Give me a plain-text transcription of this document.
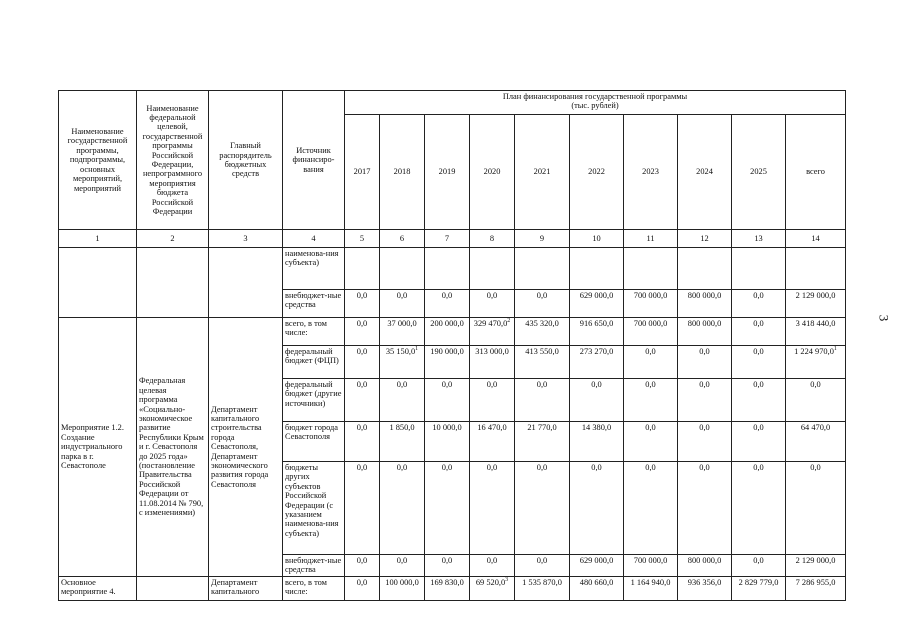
3
Наименование государственной программы, подпрограммы, основных мероприятий, мероприятий	Наименование федеральной целевой, государственной программы Российской Федерации, непрограммного мероприятия бюджета Российской Федерации	Главный распорядитель бюджетных средств	Источник финансиро-вания	План финансирования государственной программы
(тыс. рублей)									

				2017	2018	2019	2020	2021	2022	2023	2024	2025	всего
1	2	3	4	5	6	7	8	9	10	11	12	13	14
			наименова-ния субъекта)										
			внебюджет-ные средства	0,0	0,0	0,0	0,0	0,0	629 000,0	700 000,0	800 000,0	0,0	2 129 000,0
Мероприятие 1.2. Создание индустриального парка в г. Севастополе	Федеральная целевая программа «Социально-экономическое развитие Республики Крым и г. Севастополя до 2025 года» (постановление Правительства Российской Федерации от 11.08.2014 № 790, с изменениями)	Департамент капитального строительства города Севастополя, Департамент экономического развития города Севастополя	всего, в том числе:	0,0	37 000,0	200 000,0	329 470,0$^2$	435 320,0	916 650,0	700 000,0	800 000,0	0,0	3 418 440,0
			федеральный бюджет (ФЦП)	0,0	35 150,0$^1$	190 000,0	313 000,0	413 550,0	273 270,0	0,0	0,0	0,0	1 224 970,0$^1$
			федеральный бюджет (другие источники)	0,0	0,0	0,0	0,0	0,0	0,0	0,0	0,0	0,0	0,0
			бюджет города Севастополя	0,0	1 850,0	10 000,0	16 470,0	21 770,0	14 380,0	0,0	0,0	0,0	64 470,0
			бюджеты других субъектов Российской Федерации (с указанием наименова-ния субъекта)	0,0	0,0	0,0	0,0	0,0	0,0	0,0	0,0	0,0	0,0
			внебюджет-ные средства	0,0	0,0	0,0	0,0	0,0	629 000,0	700 000,0	800 000,0	0,0	2 129 000,0
Основное мероприятие 4.		Департамент капитального	всего, в том числе:	0,0	100 000,0	169 830,0	69 520,0$^3$	1 535 870,0	480 660,0	1 164 940,0	936 356,0	2 829 779,0	7 286 955,0
